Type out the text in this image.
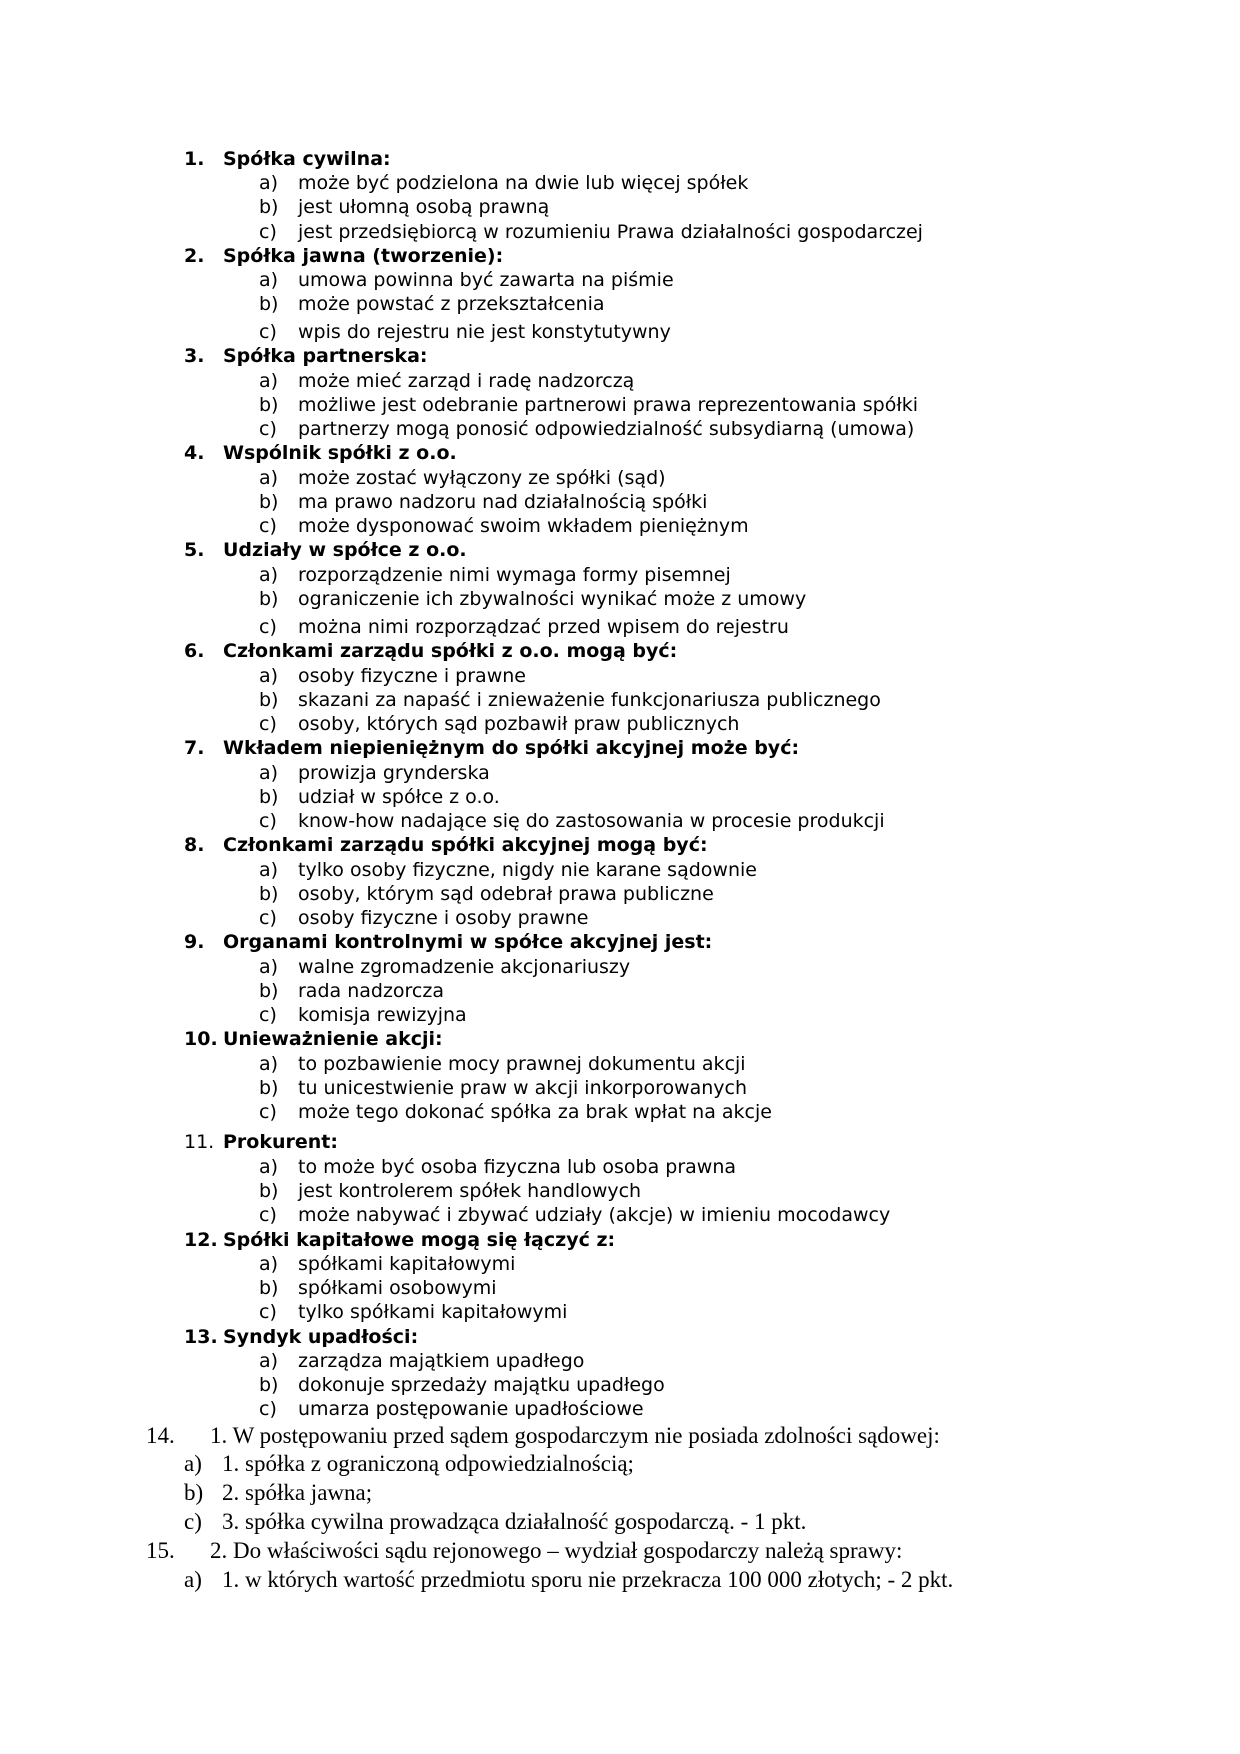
1. Spółka cywilna:
a) może być podzielona na dwie lub więcej spółek
b) jest ułomną osobą prawną
c) jest przedsiębiorcą w rozumieniu Prawa działalności gospodarczej
2. Spółka jawna (tworzenie):
a) umowa powinna być zawarta na piśmie
b) może powstać z przekształcenia
c) wpis do rejestru nie jest konstytutywny
3. Spółka partnerska:
a) może mieć zarząd i radę nadzorczą
b) możliwe jest odebranie partnerowi prawa reprezentowania spółki
c) partnerzy mogą ponosić odpowiedzialność subsydiarną (umowa)
4. Wspólnik spółki z o.o.
a) może zostać wyłączony ze spółki (sąd)
b) ma prawo nadzoru nad działalnością spółki
c) może dysponować swoim wkładem pieniężnym
5. Udziały w spółce z o.o.
a) rozporządzenie nimi wymaga formy pisemnej
b) ograniczenie ich zbywalności wynikać może z umowy
c) można nimi rozporządzać przed wpisem do rejestru
6. Członkami zarządu spółki z o.o. mogą być:
a) osoby fizyczne i prawne
b) skazani za napaść i znieważenie funkcjonariusza publicznego
c) osoby, których sąd pozbawił praw publicznych
7. Wkładem niepieniężnym do spółki akcyjnej może być:
a) prowizja grynderska
b) udział w spółce z o.o.
c) know-how nadające się do zastosowania w procesie produkcji
8. Członkami zarządu spółki akcyjnej mogą być:
a) tylko osoby fizyczne, nigdy nie karane sądownie
b) osoby, którym sąd odebrał prawa publiczne
c) osoby fizyczne i osoby prawne
9. Organami kontrolnymi w spółce akcyjnej jest:
a) walne zgromadzenie akcjonariuszy
b) rada nadzorcza
c) komisja rewizyjna
10. Unieważnienie akcji:
a) to pozbawienie mocy prawnej dokumentu akcji
b) tu unicestwienie praw w akcji inkorporowanych
c) może tego dokonać spółka za brak wpłat na akcje
11. Prokurent:
a) to może być osoba fizyczna lub osoba prawna
b) jest kontrolerem spółek handlowych
c) może nabywać i zbywać udziały (akcje) w imieniu mocodawcy
12. Spółki kapitałowe mogą się łączyć z:
a) spółkami kapitałowymi
b) spółkami osobowymi
c) tylko spółkami kapitałowymi
13. Syndyk upadłości:
a) zarządza majątkiem upadłego
b) dokonuje sprzedaży majątku upadłego
c) umarza postępowanie upadłościowe
14. 1. W postępowaniu przed sądem gospodarczym nie posiada zdolności sądowej:
a) 1. spółka z ograniczoną odpowiedzialnością;
b) 2. spółka jawna;
c) 3. spółka cywilna prowadząca działalność gospodarczą. - 1 pkt.
15. 2. Do właściwości sądu rejonowego – wydział gospodarczy należą sprawy:
a) 1. w których wartość przedmiotu sporu nie przekracza 100 000 złotych; - 2 pkt.
